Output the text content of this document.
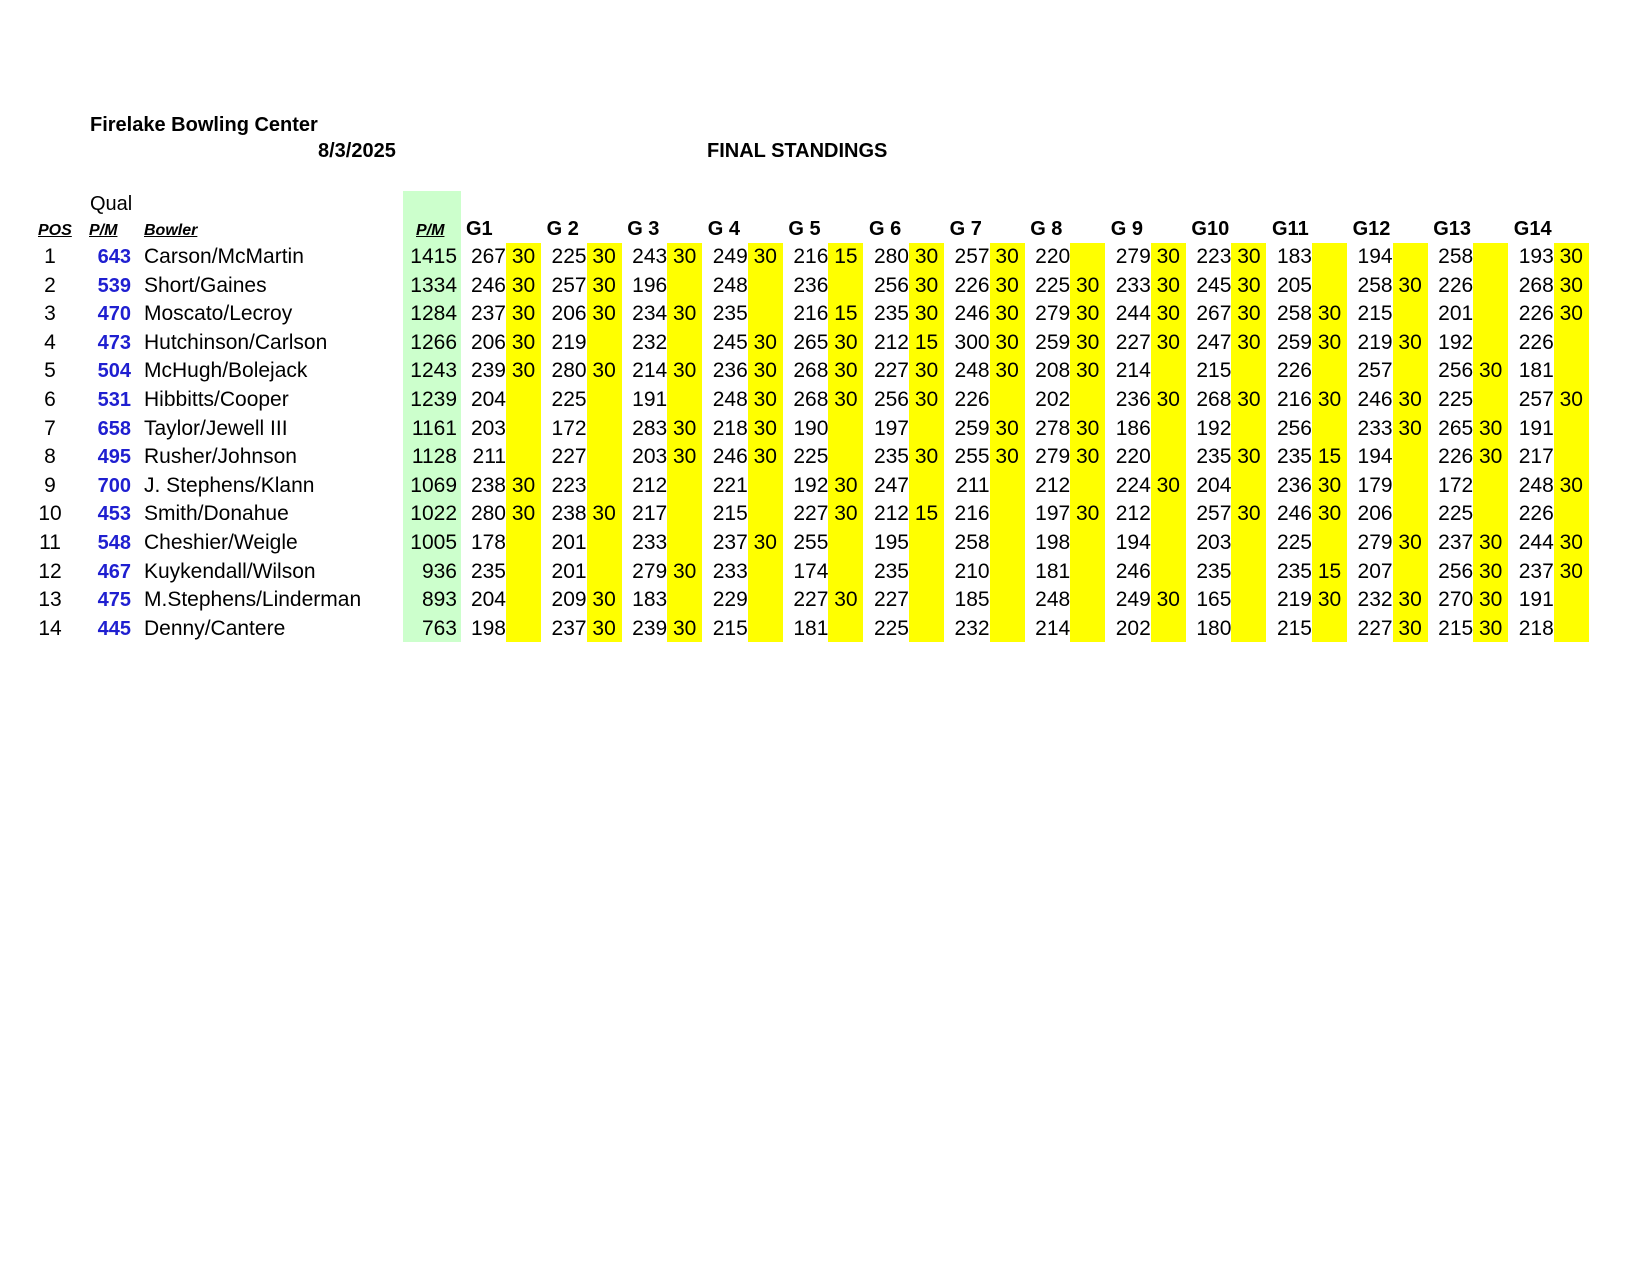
Firelake Bowling Center
8/3/2025	FINAL STANDINGS
Qual
POS P/M Bowler	P/M G1	G 2 G 3 G 4 G 5 G 6 G 7 G 8 G 9 G10 G11 G12 G13 G14
1	643 Carson/McMartin	1415 267 30 225 30 243 30 249 30 216 15 280 30 257 30 220	279 30 223 30 183	194	258	193 30
2	539 Short/Gaines	1334 246 30 257 30 196	248	236	256 30 226 30 225 30 233 30 245 30 205	258 30 226	268 30
3	470 Moscato/Lecroy	1284 237 30 206 30 234 30 235	216 15 235 30 246 30 279 30 244 30 267 30 258 30 215	201	226 30
4	473 Hutchinson/Carlson	1266 206 30 219	232	245 30 265 30 212 15 300 30 259 30 227 30 247 30 259 30 219 30 192	226
5	504 McHugh/Bolejack	1243 239 30 280 30 214 30 236 30 268 30 227 30 248 30 208 30 214	215	226	257	256 30 181
6	531 Hibbitts/Cooper	1239 204	225	191	248 30 268 30 256 30 226	202	236 30 268 30 216 30 246 30 225	257 30
7	658 Taylor/Jewell III	1161 203	172	283 30 218 30 190	197	259 30 278 30 186	192	256	233 30 265 30 191
8	495 Rusher/Johnson	1128 211	227	203 30 246 30 225	235 30 255 30 279 30 220	235 30 235 15 194	226 30 217
9	700 J. Stephens/Klann	1069 238 30 223	212	221	192 30 247	211	212	224 30 204	236 30 179	172	248 30
10	453 Smith/Donahue	1022 280 30 238 30 217	215	227 30 212 15 216	197 30 212	257 30 246 30 206	225	226
11	548 Cheshier/Weigle	1005 178	201	233	237 30 255	195	258	198	194	203	225	279 30 237 30 244 30
12	467 Kuykendall/Wilson	936 235	201	279 30 233	174	235	210	181	246	235	235 15 207	256 30 237 30
13	475 M.Stephens/Linderman	893 204	209 30 183	229	227 30 227	185	248	249 30 165	219 30 232 30 270 30 191
14	445 Denny/Cantere	763 198	237 30 239 30 215	181	225	232	214	202	180	215	227 30 215 30 218
